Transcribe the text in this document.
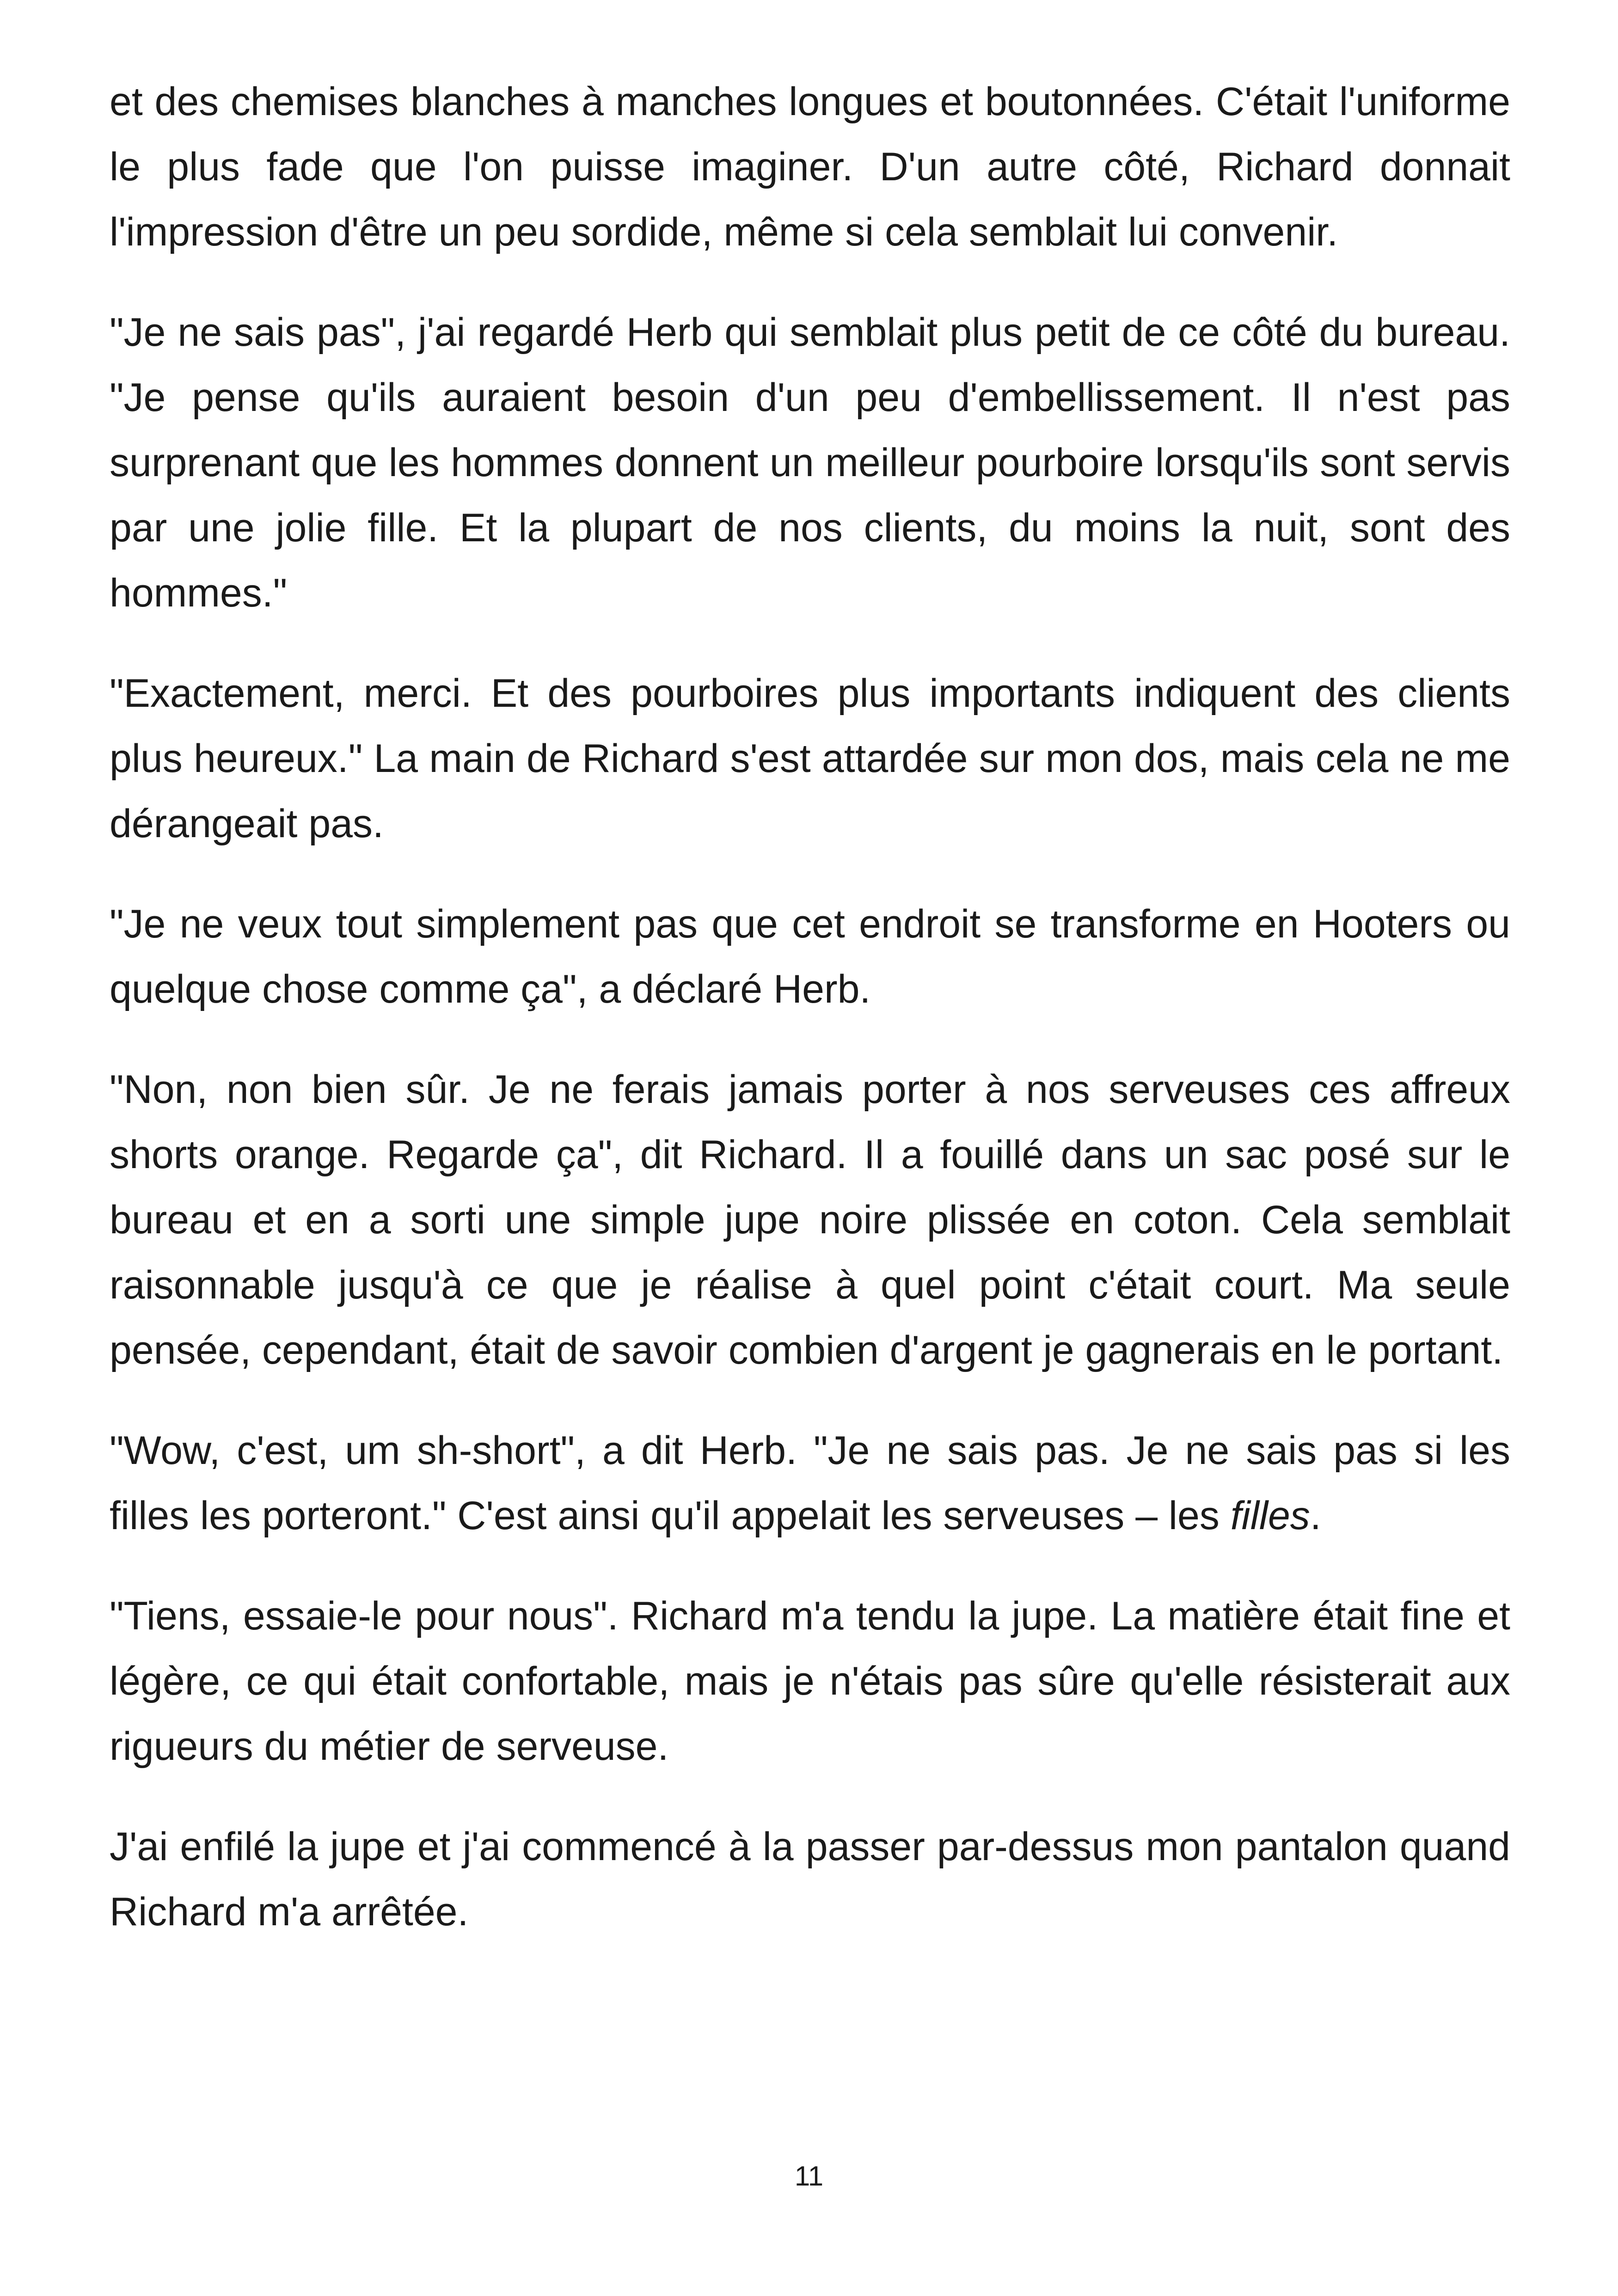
et des chemises blanches à manches longues et boutonnées. C'était l'uniforme le plus fade que l'on puisse imaginer. D'un autre côté, Richard donnait l'impression d'être un peu sordide, même si cela semblait lui convenir.

"Je ne sais pas", j'ai regardé Herb qui semblait plus petit de ce côté du bureau. "Je pense qu'ils auraient besoin d'un peu d'embellissement. Il n'est pas surprenant que les hommes donnent un meilleur pourboire lorsqu'ils sont servis par une jolie fille. Et la plupart de nos clients, du moins la nuit, sont des hommes."

"Exactement, merci. Et des pourboires plus importants indiquent des clients plus heureux." La main de Richard s'est attardée sur mon dos, mais cela ne me dérangeait pas.

"Je ne veux tout simplement pas que cet endroit se transforme en Hooters ou quelque chose comme ça", a déclaré Herb.

"Non, non bien sûr. Je ne ferais jamais porter à nos serveuses ces affreux shorts orange. Regarde ça", dit Richard. Il a fouillé dans un sac posé sur le bureau et en a sorti une simple jupe noire plissée en coton. Cela semblait raisonnable jusqu'à ce que je réalise à quel point c'était court. Ma seule pensée, cependant, était de savoir combien d'argent je gagnerais en le portant.

"Wow, c'est, um sh-short", a dit Herb. "Je ne sais pas. Je ne sais pas si les filles les porteront." C'est ainsi qu'il appelait les serveuses – les filles.

"Tiens, essaie-le pour nous". Richard m'a tendu la jupe. La matière était fine et légère, ce qui était confortable, mais je n'étais pas sûre qu'elle résisterait aux rigueurs du métier de serveuse.

J'ai enfilé la jupe et j'ai commencé à la passer par-dessus mon pantalon quand Richard m'a arrêtée.

11
